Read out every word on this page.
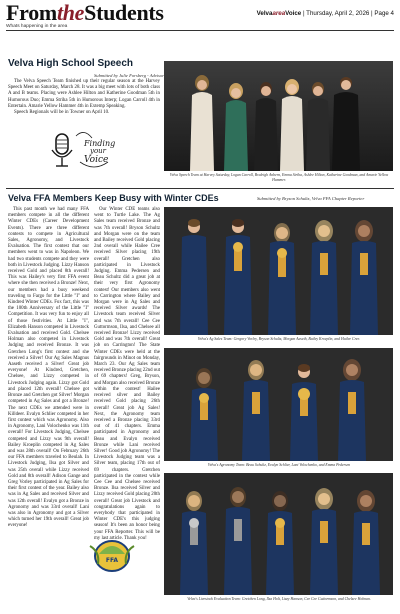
FromtheStudents	VelvaareaVoice | Thursday, April 2, 2026 | Page 4
Whats happening in the area
Velva High School Speech
Submitted by Julie Forsberg - Advisor

The Velva Speech Team finished up their regular season at the Harvey Speech Meet on Saturday, March 28. It was a big meet with lots of both class A and B teams. Placing were Ashlee Hilton and Katherine Goodman 5th in Humorous Duo; Emma Striha 5th in Humorous Interp; Logan Carroll 4th in Entertain. Amarie Yellow Hammer 4th in Extemp Speaking.

Speech Regionals will be in Towner on April 10.

Finding
your
Voice
Velva Speech Team at Harvey Saturday, Logan Carroll, Braleigh Anbern, Emma Striha, Ashlee Hilton, Katherine Goodman, and Amarie Yellow Hammer.
Velva FFA Members Keep Busy with Winter CDEs	Submitted by Bryson Schultz, Velva FFA Chapter Reporter
This past month we had many FFA members compete in all the different Winter CDEs (Career Development Events). There are three different contests to compete in Agricultural Sales, Agronomy, and Livestock Evaluation. The first contest that our members went to was in Napoleon. We had two students compete and they were both in Livestock Judging. Lizzy Hanson received Gold and placed 8th overall! This was Hailey's very first FFA event where she then received a Bronze! Next, our members had a busy weekend traveling to Fargo for the Little "I" and Kindred Winter CDEs. Fox fact, this was the 100th Anniversary of the Little "I" Competition. It was very fun to enjoy all of those festivities. At Little "I", Elizabeth Hanson competed in Livestock Evaluation and received Gold. Chelsee Holman also competed in Livestock Judging and received Bronze. It was Gretchen Long's first contest and she received a Silver! Our Ag Sales Magnus Aaseth received a Silver! Great job everyone! At Kindred, Gretchen, Chelsee, and Lizzy competed in Livestock Judging again. Lizzy got Gold and placed 12th overall! Chelsee got Bronze and Gretchen got Silver! Morgan competed in Ag Sales and got a Bronze! The next CDEs we attended were in Killdeer. Evalyn Schlier competed in her first contest which was Agronomy. Also in Agronomy, Lani Volochenko was 11th overall! For Livestock Judging, Chelsee competed and Lizzy was 9th overall! Bailey Kroeplin competed in Ag Sales and was 28th overall! On February 26th our FFA members traveled to Beulah. In Livestock Judging, Ilsa got Silver and was 25th overall while Lizzy received Gold and 8th overall! Adison Gange and Greg Vorley participated in Ag Sales for their first contest of the year. Bailey also was in Ag Sales and received Silver and was 12th overall! Evalyn got a Bronze in Agronomy and was 33rd overall! Lani was also in Agronomy and got a Silver which turned her 19th overall! Great job everyone!
Our Winter CDE teams also went to Turtle Lake. The Ag Sales team received Bronze and was 7th overall! Bryson Schultz and Morgan were on the team and Bailey received Gold placing 2nd overall while Hailee Cree received Silver placing 19th overall! Gretchen also participated in Livestock Judging. Emma Pedersen and Beau Schultz did a great job at their very first Agronomy contest! Our members also went to Carrington where Bailey and Morgan were in Ag Sales and received Silver awards! The Livestock team received Silver and was 7th overall! Cee Cee Guttormson, Ilsa, and Chelsee all received Bronze! Lizzy received Gold and was 7th overall! Great job on Carrington! The State Winter CDEs were held at the fairgrounds in Minot on Monday, March 23. Our Ag Sales team received Bronze placing 22nd out of 69 chapters! Greg, Bryson, and Morgan also received Bronze within the contest! Hailee received silver and Bailey received Gold placing 26th overall! Great job Ag Sales! Next, the Agronomy team received a Bronze placing 33rd out of 41 chapters. Emma participated in Agronomy and Beau and Evalyn received Bronze while Lani received Silver! Good job Agronomy! The Livestock Judging team was a Silver team, placing 17th out of 69 chapters. Gretchen participated in the contest while Cee Cee and Chelsee received Bronze. Ilsa received Silver and Lizzy received Gold placing 20th overall! Great job Livestock and congratulations again to everybody that participated in Winter CDE's this judging season! It's been an honor being your FFA Reporter. This will be my last article. Thank you!
FFA
Velva's Ag Sales Team: Gregory Vorley, Bryson Schultz, Morgan Aaseth, Bailey Kroeplin, and Hailee Cree.
Velva's Agronomy Team: Beau Schultz, Evalyn Schlier, Lani Volochenko, and Emma Pedersen
Velva's Livestock Evaluation Team: Gretchen Long, Ilsa Holt, Lizzy Hanson, Cee Cee Guttormson, and Chelsee Holman.
